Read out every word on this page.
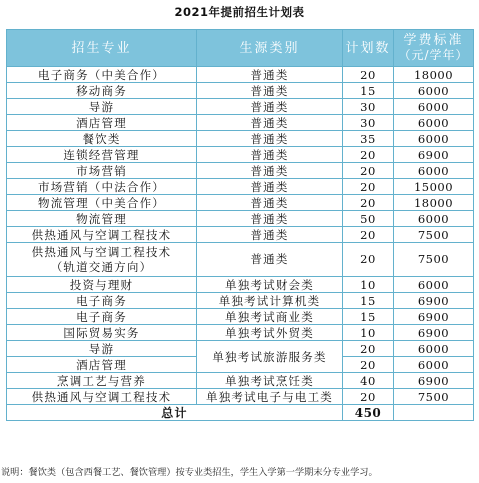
2021年提前招生计划表
招生专业	生源类别	计划数	学费标准
（元/学年）

电子商务（中美合作）	普通类	20	18000
移动商务	普通类	15	6000
导游	普通类	30	6000
酒店管理	普通类	30	6000
餐饮类	普通类	35	6000
连锁经营管理	普通类	20	6900
市场营销	普通类	20	6000
市场营销（中法合作）	普通类	20	15000
物流管理（中美合作）	普通类	20	18000
物流管理	普通类	50	6000
供热通风与空调工程技术	普通类	20	7500

供热通风与空调工程技术
（轨道交通方向）	普通类	20	7500
投资与理财	单独考试财会类	10	6000
电子商务	单独考试计算机类	15	6900
电子商务	单独考试商业类	15	6900
国际贸易实务	单独考试外贸类	10	6900
导游	单独考试旅游服务类	20	6000
酒店管理		20	6000
烹调工艺与营养	单独考试烹饪类	40	6900
供热通风与空调工程技术	单独考试电子与电工类	20	7500
总计		450	
说明：餐饮类（包含西餐工艺、餐饮管理）按专业类招生，学生入学第一学期末分专业学习。
